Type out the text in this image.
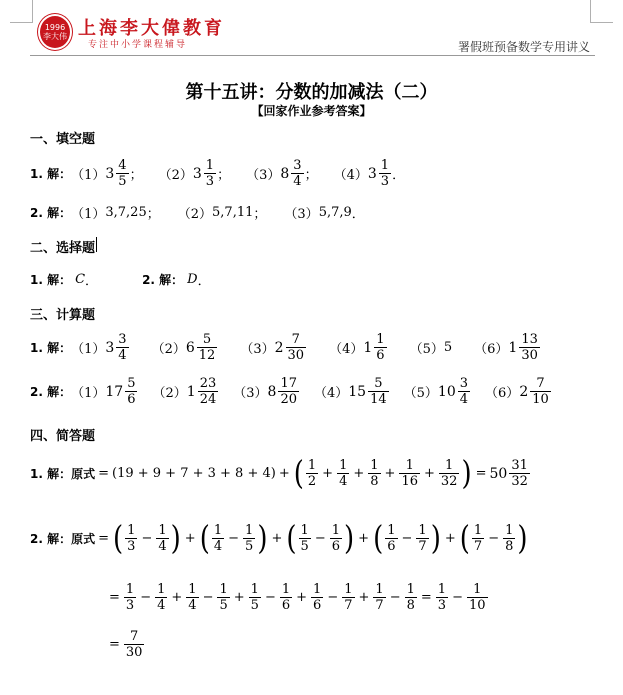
1996 李大伟 上海李大偉教育
专注中小学课程辅导	署假班预备数学专用讲义
第十五讲：分数的加减法（二）
【回家作业参考答案】
一、填空题
1. 解： （1） $3 \frac{4}{5}$ ； （2） $3 \frac{1}{3}$ ； （3） $8 \frac{3}{4}$ ； （4） $3 \frac{1}{3}$ ．
2. 解： （1） 3,7,25 ； （2） 5,7,11 ； （3） 5,7,9 ．
二、选择题
1. 解： C ．	2. 解： D ．
三、计算题
1. 解： （1） $3 \frac{3}{4} (2)$ $6 \frac{5}{12} (3)$ $2 \frac{7}{30} (4)$ $1 \frac{1}{6} (5)$ 5 （6） $1 \frac{13}{30}$
2. 解： （1） $17 \frac{5}{6} (2)$ $1 \frac{23}{24} (3)$ $8 \frac{17}{20} (4)$ $15 \frac{5}{14} (5)$ $10 \frac{3}{4} (6)$ $2 \frac{7}{10}$
四、简答题
1. 解：原式 = (19 + 9 + 7 + 3 + 8 + 4) + ( $\frac{1}{2} + \frac{1}{4} + \frac{1}{8} + \frac{1}{16} + \frac{1}{32}$ ) = $50 \frac{31}{32}$
2. 解：原式 = ( $\frac{1}{3} - \frac{1}{4}$ ) + ( $\frac{1}{4} - \frac{1}{5}$ ) + ( $\frac{1}{5} - \frac{1}{6}$ ) + ( $\frac{1}{6} - \frac{1}{7}$ ) + ( $\frac{1}{7} - \frac{1}{8}$ )
= $\frac{1}{3} - \frac{1}{4} + \frac{1}{4} - \frac{1}{5} + \frac{1}{5} - \frac{1}{6} + \frac{1}{6} - \frac{1}{7} + \frac{1}{7} - \frac{1}{8} = \frac{1}{3} - \frac{1}{10}$
= $\frac{7}{30}$
